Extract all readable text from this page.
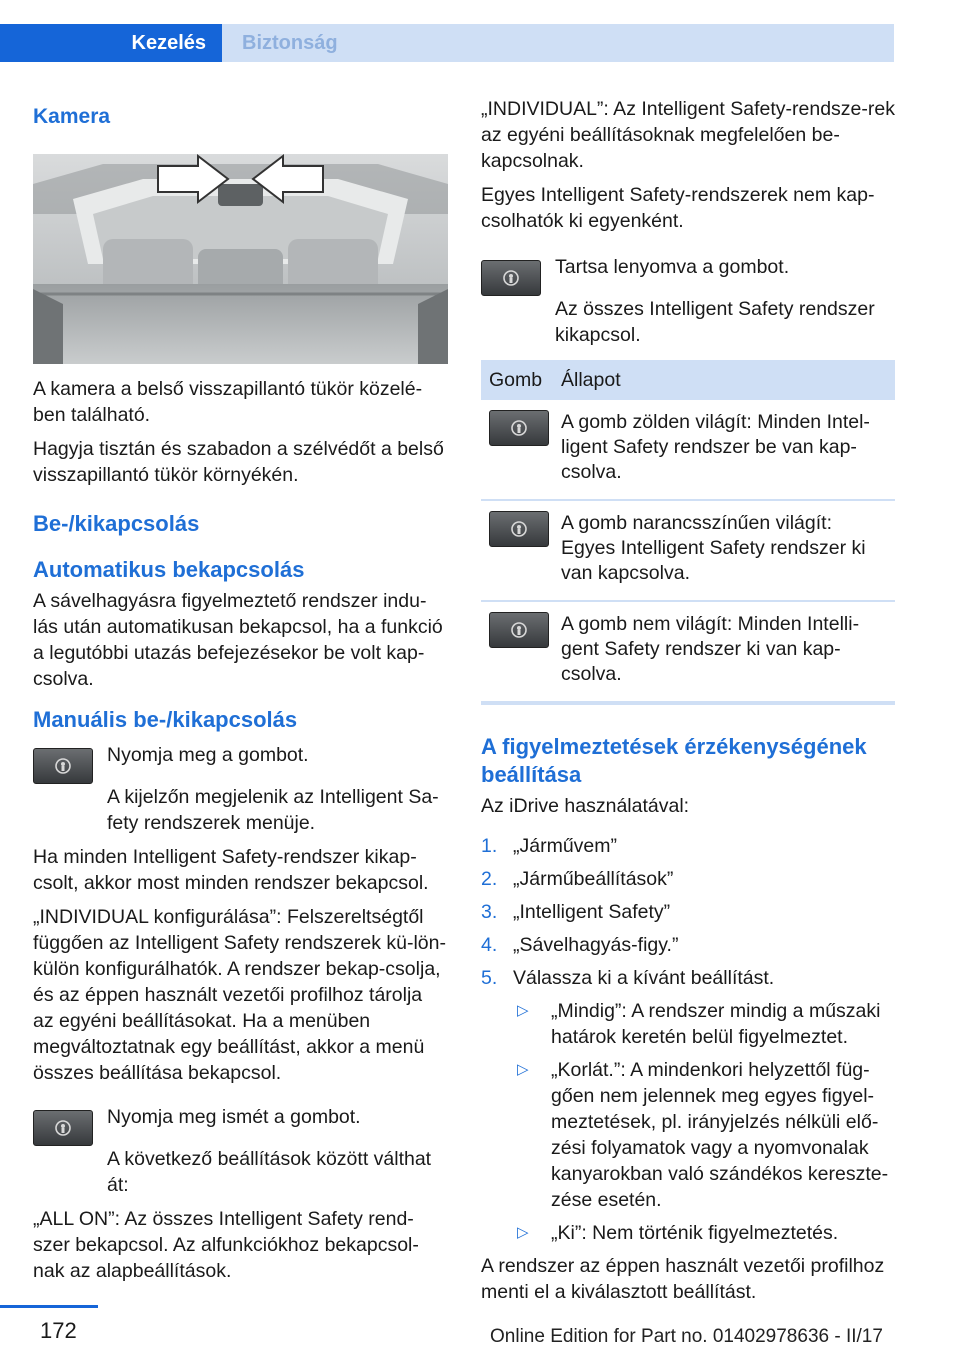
Kezelés	Biztonság
Kamera

A kamera a belső visszapillantó tükör közelé-ben található.

Hagyja tisztán és szabadon a szélvédőt a belső visszapillantó tükör környékén.

Be-/kikapcsolás
Automatikus bekapcsolás

A sávelhagyásra figyelmeztető rendszer indu-lás után automatikusan bekapcsol, ha a funkció a legutóbbi utazás befejezésekor be volt kap-csolva.

Manuális be-/kikapcsolás

Nyomja meg a gombot.

A kijelzőn megjelenik az Intelligent Sa-fety rendszerek menüje.

Ha minden Intelligent Safety-rendszer kikap-csolt, akkor most minden rendszer bekapcsol.

„INDIVIDUAL konfigurálása”: Felszereltségtől függően az Intelligent Safety rendszerek kü-lön-külön konfigurálhatók. A rendszer bekap-csolja, és az éppen használt vezetői profilhoz tárolja az egyéni beállításokat. Ha a menüben megváltoztatnak egy beállítást, akkor a menü összes beállítása bekapcsol.

Nyomja meg ismét a gombot.

A következő beállítások között válthat át:

„ALL ON”: Az összes Intelligent Safety rend-szer bekapcsol. Az alfunkciókhoz bekapcsol-nak az alapbeállítások.

„INDIVIDUAL”: Az Intelligent Safety-rendsze-rek az egyéni beállításoknak megfelelően be-kapcsolnak.

Egyes Intelligent Safety-rendszerek nem kap-csolhatók ki egyenként.

Tartsa lenyomva a gombot.

Az összes Intelligent Safety rendszer kikapcsol.

Gomb	Állapot

	A gomb zölden világít: Minden Intel-ligent Safety rendszer be van kap-csolva.

	A gomb narancsszínűen világít: Egyes Intelligent Safety rendszer ki van kapcsolva.

	A gomb nem világít: Minden Intelli-gent Safety rendszer ki van kap-csolva.
A figyelmeztetések érzékenységének beállítása

Az iDrive használatával:

1. „Járművem”
2. „Járműbeállítások”
3. „Intelligent Safety”
4. „Sávelhagyás-figy.”
5. Válassza ki a kívánt beállítást.
▷	„Mindig”: A rendszer mindig a műszaki határok keretén belül figyelmeztet.
▷	„Korlát.”: A mindenkori helyzettől füg-gően nem jelennek meg egyes figyel-meztetések, pl. irányjelzés nélküli elő-zési folyamatok vagy a nyomvonalak kanyarokban való szándékos kereszte-zése esetén.
▷	„Ki”: Nem történik figyelmeztetés.

A rendszer az éppen használt vezetői profilhoz menti el a kiválasztott beállítást.

172	Online Edition for Part no. 01402978636 - II/17
